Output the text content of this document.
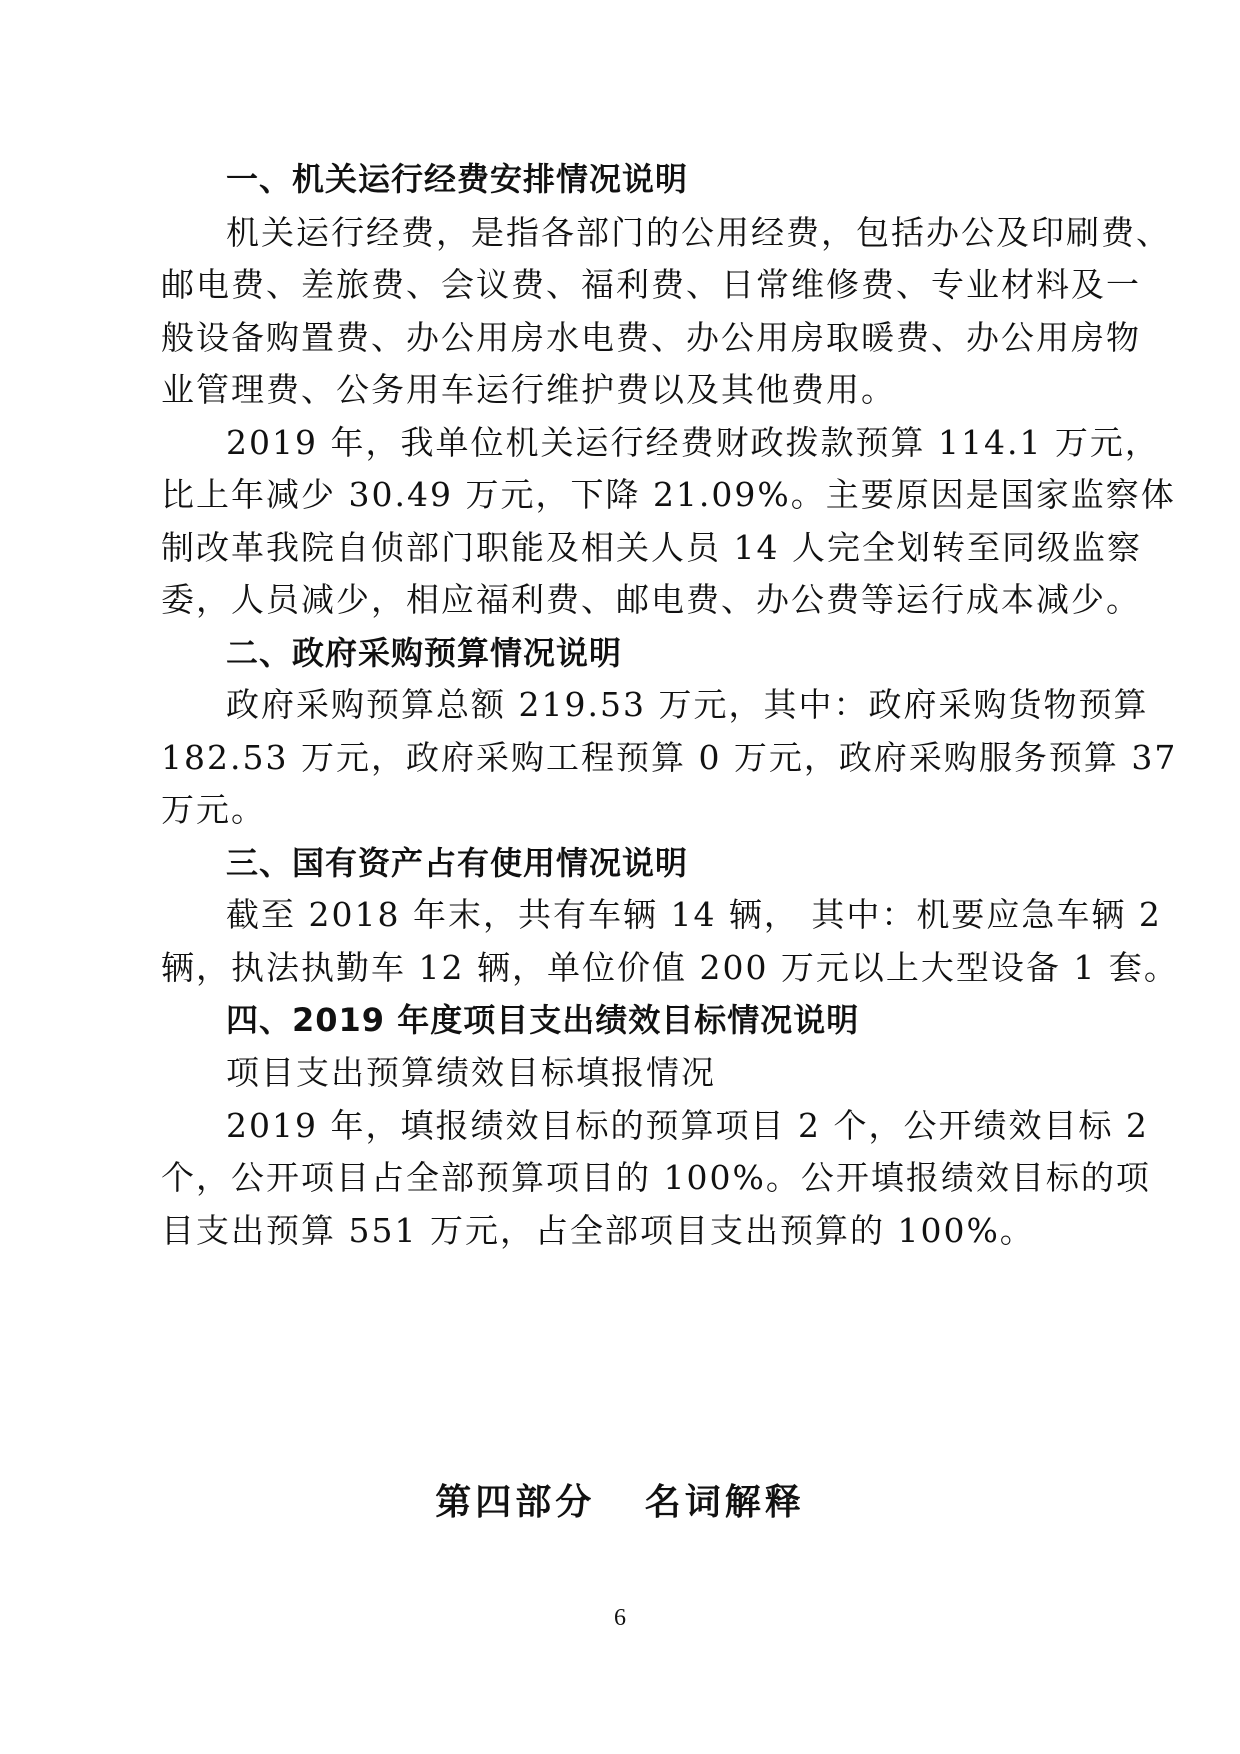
一、机关运行经费安排情况说明
机关运行经费，是指各部门的公用经费，包括办公及印刷费、
邮电费、差旅费、会议费、福利费、日常维修费、专业材料及一
般设备购置费、办公用房水电费、办公用房取暖费、办公用房物
业管理费、公务用车运行维护费以及其他费用。
2019 年，我单位机关运行经费财政拨款预算 114.1 万元，
比上年减少 30.49 万元，下降 21.09%。主要原因是国家监察体
制改革我院自侦部门职能及相关人员 14 人完全划转至同级监察
委，人员减少，相应福利费、邮电费、办公费等运行成本减少。
二、政府采购预算情况说明
政府采购预算总额 219.53 万元，其中：政府采购货物预算
182.53 万元，政府采购工程预算 0 万元，政府采购服务预算 37
万元。
三、国有资产占有使用情况说明
截至 2018 年末，共有车辆 14 辆， 其中：机要应急车辆 2
辆，执法执勤车 12 辆，单位价值 200 万元以上大型设备 1 套。
四、2019 年度项目支出绩效目标情况说明
项目支出预算绩效目标填报情况
2019 年，填报绩效目标的预算项目 2 个，公开绩效目标 2
个，公开项目占全部预算项目的 100%。公开填报绩效目标的项
目支出预算 551 万元，占全部项目支出预算的 100%。
第四部分   名词解释
6
